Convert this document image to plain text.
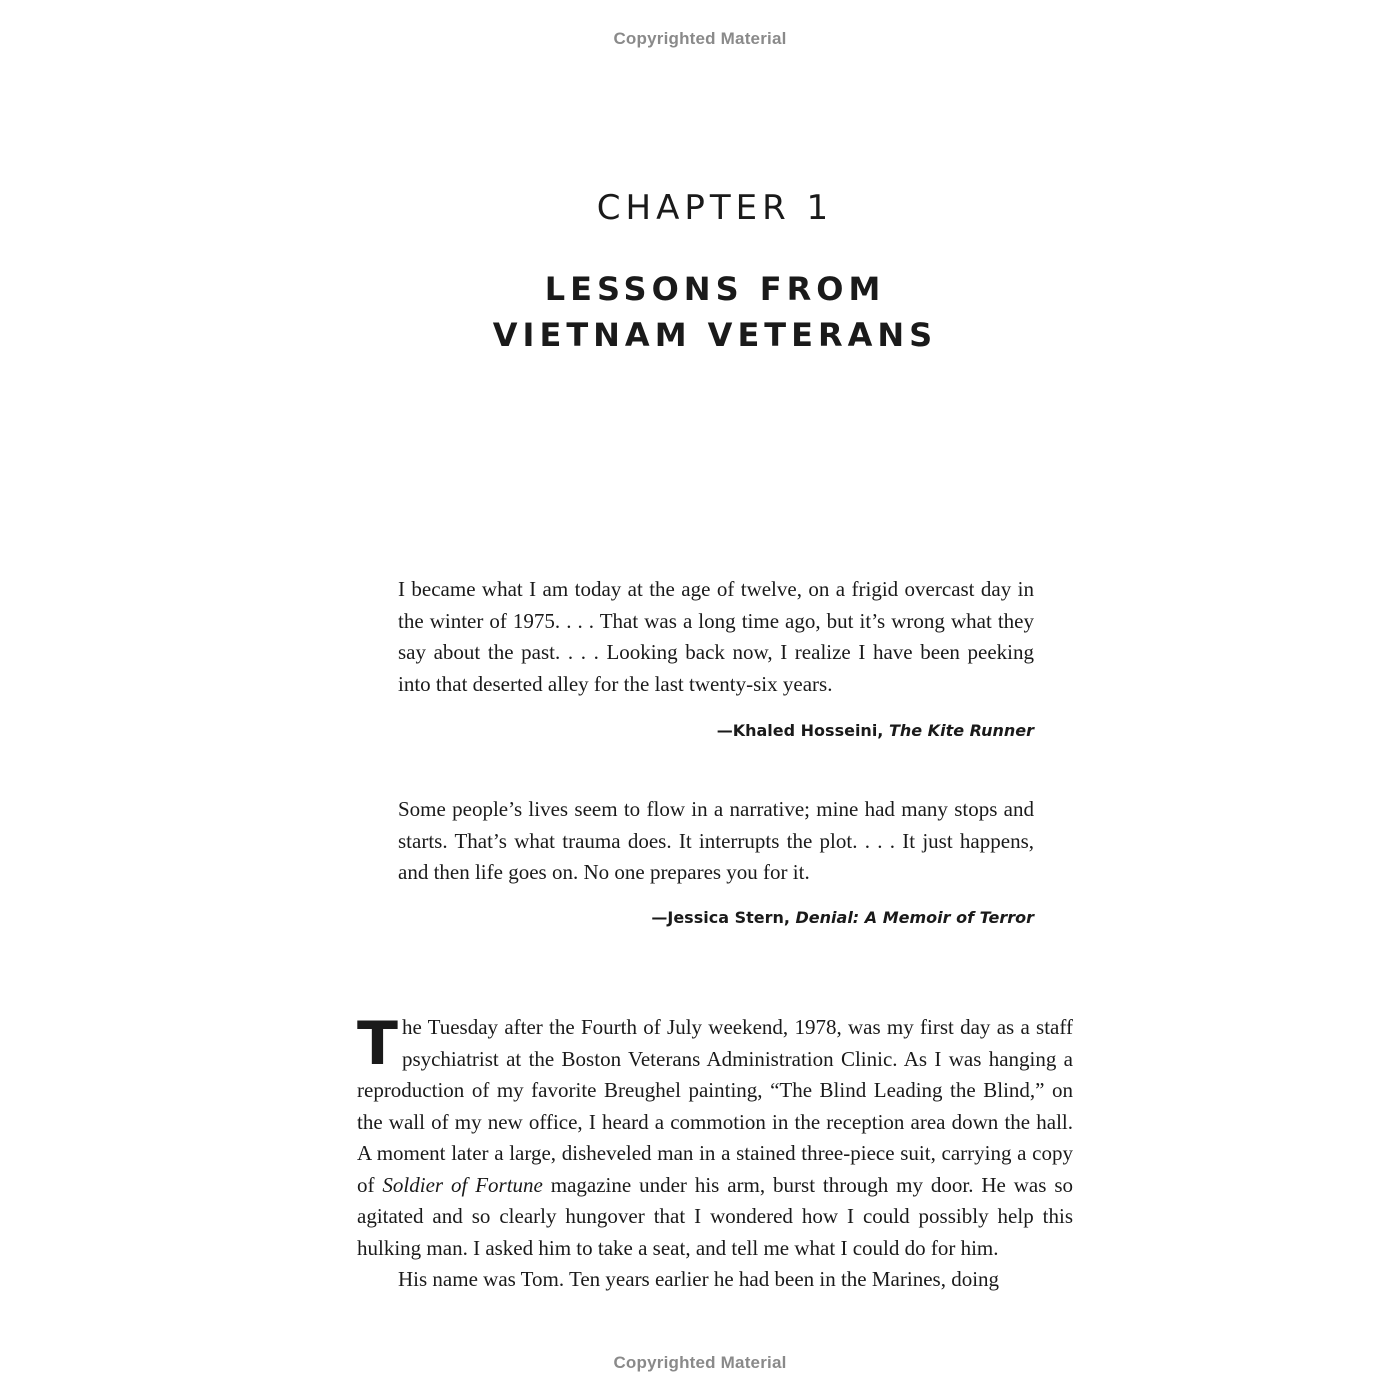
Copyrighted Material
CHAPTER 1
LESSONS FROM
VIETNAM VETERANS

I became what I am today at the age of twelve, on a frigid overcast day in the winter of 1975. . . . That was a long time ago, but it’s wrong what they say about the past. . . . Looking back now, I realize I have been peeking into that deserted alley for the last twenty-six years.

—Khaled Hosseini, The Kite Runner

Some people’s lives seem to flow in a narrative; mine had many stops and starts. That’s what trauma does. It interrupts the plot. . . . It just happens, and then life goes on. No one prepares you for it.

—Jessica Stern, Denial: A Memoir of Terror

The Tuesday after the Fourth of July weekend, 1978, was my first day as a staff psychiatrist at the Boston Veterans Administration Clinic. As I was hanging a reproduction of my favorite Breughel painting, “The Blind Leading the Blind,” on the wall of my new office, I heard a commotion in the reception area down the hall. A moment later a large, disheveled man in a stained three-piece suit, carrying a copy of Soldier of Fortune magazine under his arm, burst through my door. He was so agitated and so clearly hungover that I wondered how I could possibly help this hulking man. I asked him to take a seat, and tell me what I could do for him.

His name was Tom. Ten years earlier he had been in the Marines, doing

Copyrighted Material
